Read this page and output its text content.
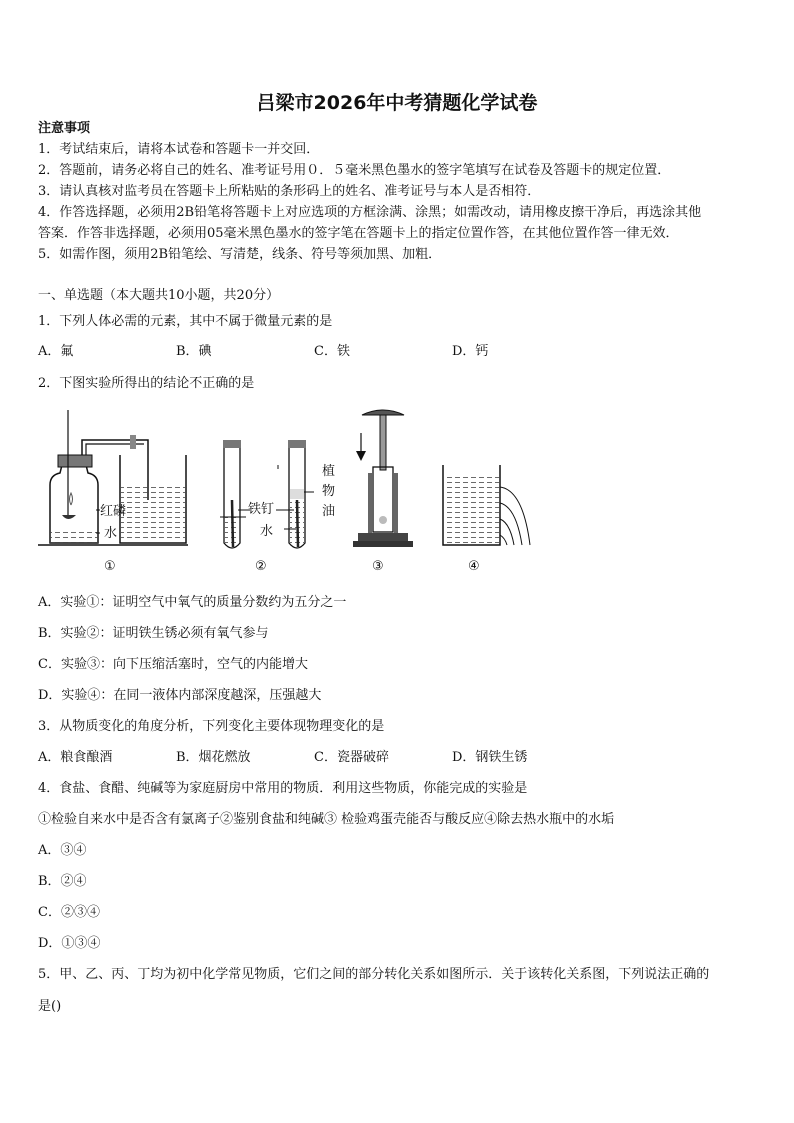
吕梁市2026年中考猜题化学试卷
注意事项
1．考试结束后，请将本试卷和答题卡一并交回．
2．答题前，请务必将自己的姓名、准考证号用０．５毫米黑色墨水的签字笔填写在试卷及答题卡的规定位置．
3．请认真核对监考员在答题卡上所粘贴的条形码上的姓名、准考证号与本人是否相符．
4．作答选择题，必须用2B铅笔将答题卡上对应选项的方框涂满、涂黑；如需改动，请用橡皮擦干净后，再选涂其他
答案．作答非选择题，必须用05毫米黑色墨水的签字笔在答题卡上的指定位置作答，在其他位置作答一律无效．
5．如需作图，须用2B铅笔绘、写清楚，线条、符号等须加黑、加粗．
一、单选题（本大题共10小题，共20分）
1．下列人体必需的元素，其中不属于微量元素的是
A．氟	B．碘	C．铁	D．钙
2．下图实验所得出的结论不正确的是
红磷
水
①
铁钉
水
植
物
油
②	③	④
A．实验①：证明空气中氧气的质量分数约为五分之一
B．实验②：证明铁生锈必须有氧气参与
C．实验③：向下压缩活塞时，空气的内能增大
D．实验④：在同一液体内部深度越深，压强越大
3．从物质变化的角度分析，下列变化主要体现物理变化的是
A．粮食酿酒	B．烟花燃放	C．瓷器破碎	D．钢铁生锈
4．食盐、食醋、纯碱等为家庭厨房中常用的物质．利用这些物质，你能完成的实验是
①检验自来水中是否含有氯离子②鉴别食盐和纯碱③ 检验鸡蛋壳能否与酸反应④除去热水瓶中的水垢
A．③④
B．②④
C．②③④
D．①③④
5．甲、乙、丙、丁均为初中化学常见物质，它们之间的部分转化关系如图所示．关于该转化关系图，下列说法正确的
是()
